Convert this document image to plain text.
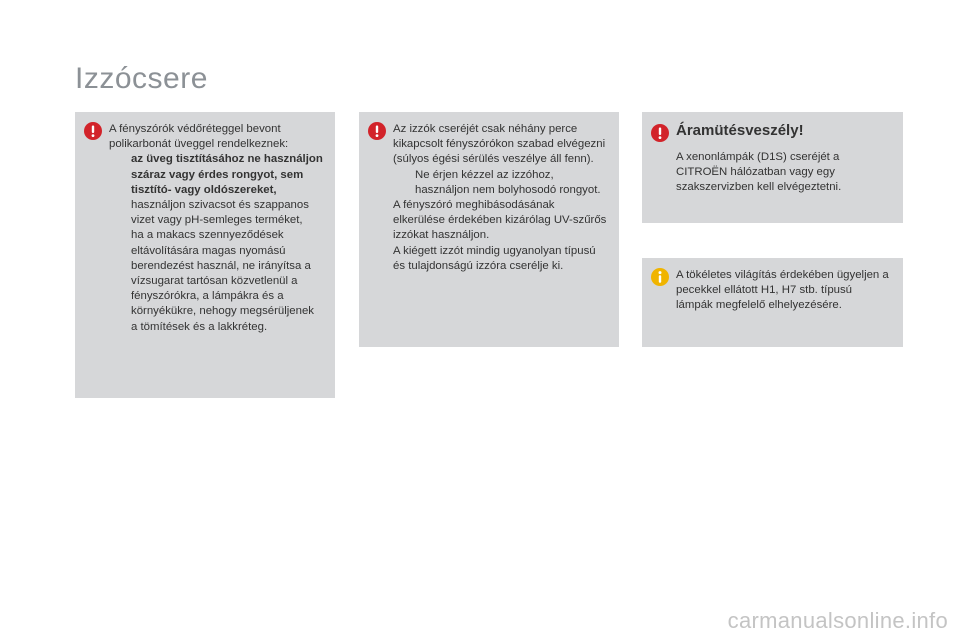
Izzócsere

A fényszórók védőréteggel bevont polikarbonát üveggel rendelkeznek:

az üveg tisztításához ne használjon száraz vagy érdes rongyot, sem tisztító- vagy oldószereket,
használjon szivacsot és szappanos vizet vagy pH-semleges terméket,
ha a makacs szennyeződések eltávolítására magas nyomású berendezést használ, ne irányítsa a vízsugarat tartósan közvetlenül a fényszórókra, a lámpákra és a környékükre, nehogy megsérüljenek a tömítések és a lakkréteg.

Az izzók cseréjét csak néhány perce kikapcsolt fényszórókon szabad elvégezni (súlyos égési sérülés veszélye áll fenn).

Ne érjen kézzel az izzóhoz, használjon nem bolyhosodó rongyot.

A fényszóró meghibásodásának elkerülése érdekében kizárólag UV-szűrős izzókat használjon.

A kiégett izzót mindig ugyanolyan típusú és tulajdonságú izzóra cserélje ki.

Áramütésveszély!

A xenonlámpák (D1S) cseréjét a CITROËN hálózatban vagy egy szakszervizben kell elvégeztetni.

A tökéletes világítás érdekében ügyeljen a pecekkel ellátott H1, H7 stb. típusú lámpák megfelelő elhelyezésére.

carmanualsonline.info
